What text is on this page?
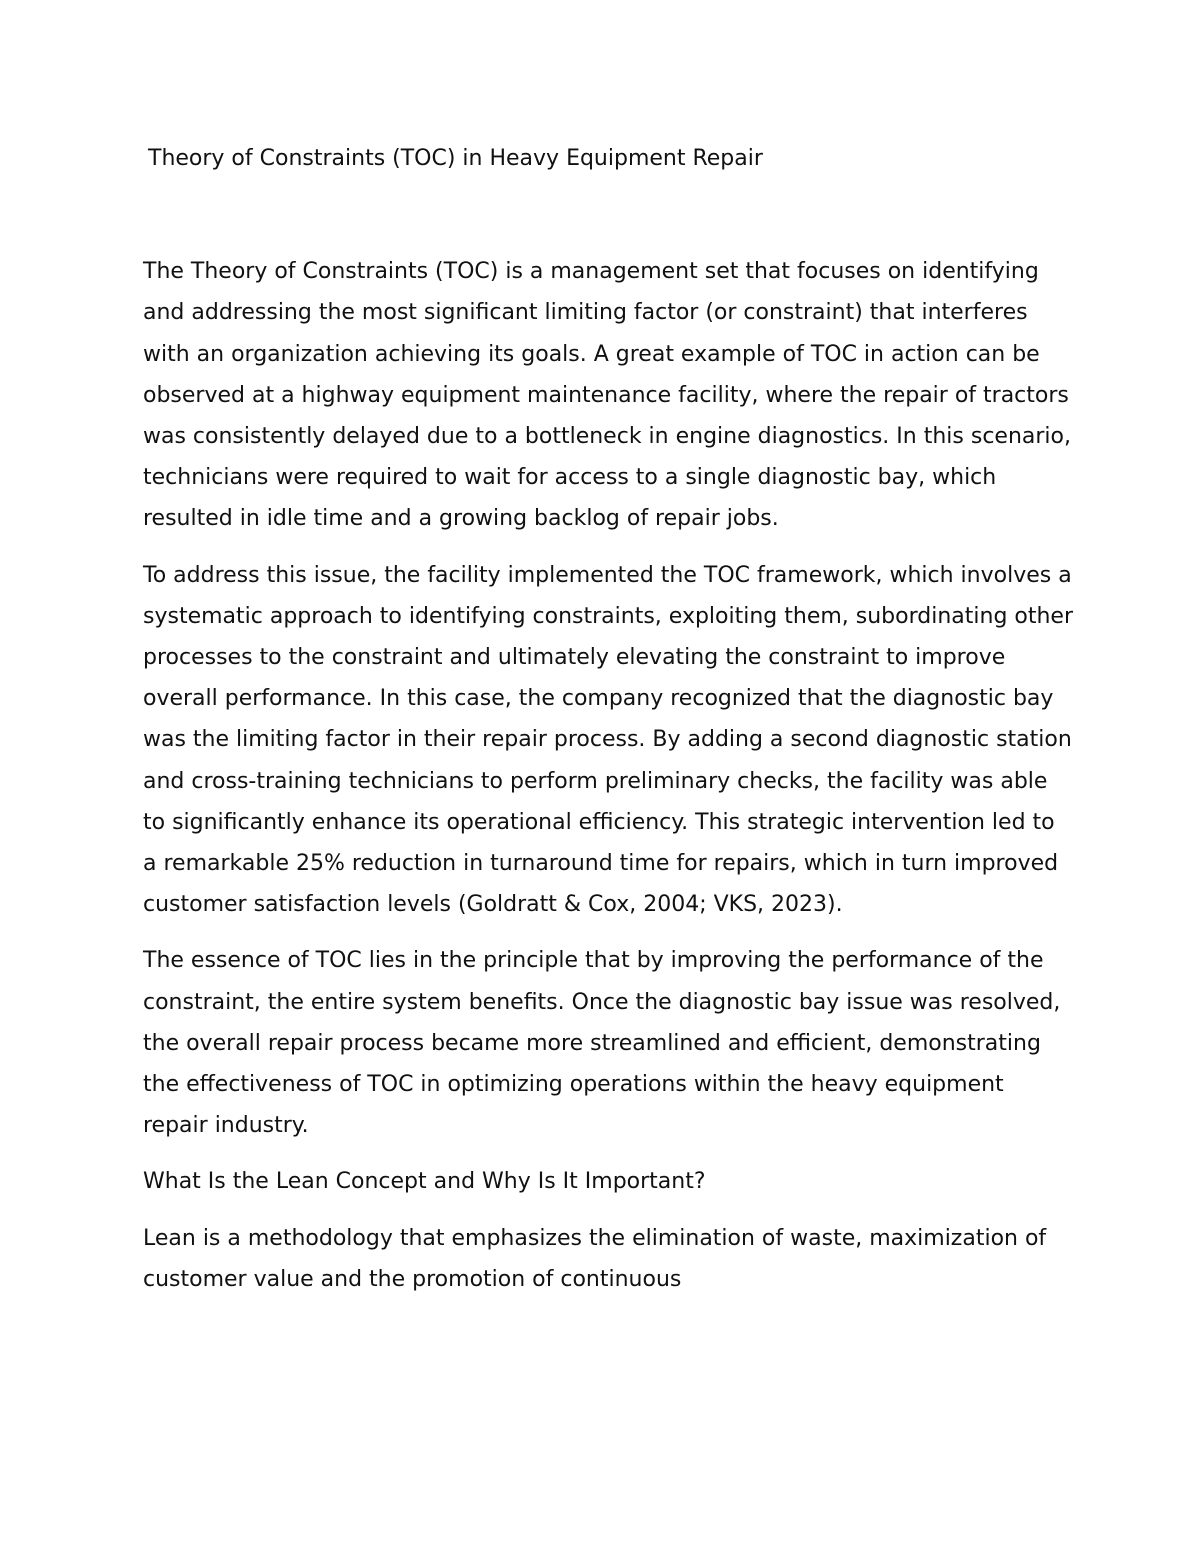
Theory of Constraints (TOC) in Heavy Equipment Repair

The Theory of Constraints (TOC) is a management set that focuses on identifying and addressing the most significant limiting factor (or constraint) that interferes with an organization achieving its goals. A great example of TOC in action can be observed at a highway equipment maintenance facility, where the repair of tractors was consistently delayed due to a bottleneck in engine diagnostics. In this scenario, technicians were required to wait for access to a single diagnostic bay, which resulted in idle time and a growing backlog of repair jobs.

To address this issue, the facility implemented the TOC framework, which involves a systematic approach to identifying constraints, exploiting them, subordinating other processes to the constraint and ultimately elevating the constraint to improve overall performance. In this case, the company recognized that the diagnostic bay was the limiting factor in their repair process. By adding a second diagnostic station and cross-training technicians to perform preliminary checks, the facility was able to significantly enhance its operational efficiency. This strategic intervention led to a remarkable 25% reduction in turnaround time for repairs, which in turn improved customer satisfaction levels (Goldratt & Cox, 2004; VKS, 2023).

The essence of TOC lies in the principle that by improving the performance of the constraint, the entire system benefits. Once the diagnostic bay issue was resolved, the overall repair process became more streamlined and efficient, demonstrating the effectiveness of TOC in optimizing operations within the heavy equipment repair industry.

What Is the Lean Concept and Why Is It Important?

Lean is a methodology that emphasizes the elimination of waste, maximization of customer value and the promotion of continuous
